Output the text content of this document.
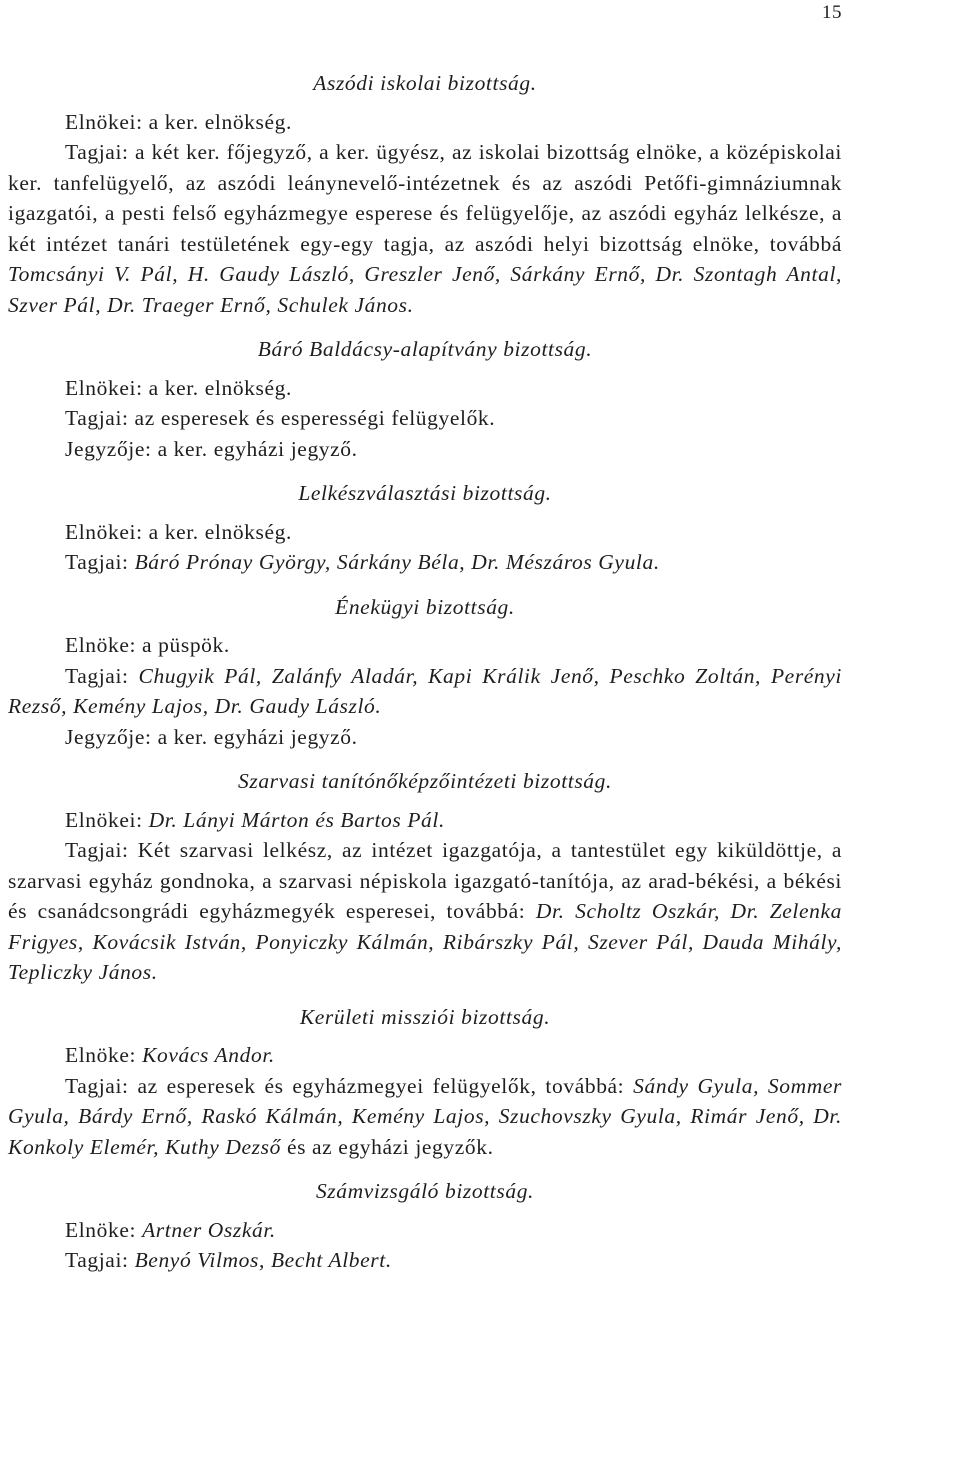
15

Aszódi iskolai bizottság.

Elnökei: a ker. elnökség.

Tagjai: a két ker. főjegyző, a ker. ügyész, az iskolai bizottság elnöke, a középiskolai ker. tanfelügyelő, az aszódi leánynevelő-intézetnek és az aszódi Petőfi-gimnáziumnak igazgatói, a pesti felső egyházmegye esperese és felügyelője, az aszódi egyház lelkésze, a két intézet tanári testületének egy-egy tagja, az aszódi helyi bizottság elnöke, továbbá Tomcsányi V. Pál, H. Gaudy László, Greszler Jenő, Sárkány Ernő, Dr. Szontagh Antal, Szver Pál, Dr. Traeger Ernő, Schulek János.

Báró Baldácsy-alapítvány bizottság.

Elnökei: a ker. elnökség.

Tagjai: az esperesek és esperességi felügyelők.

Jegyzője: a ker. egyházi jegyző.

Lelkészválasztási bizottság.

Elnökei: a ker. elnökség.

Tagjai: Báró Prónay György, Sárkány Béla, Dr. Mészáros Gyula.

Énekügyi bizottság.

Elnöke: a püspök.

Tagjai: Chugyik Pál, Zalánfy Aladár, Kapi Králik Jenő, Peschko Zoltán, Perényi Rezső, Kemény Lajos, Dr. Gaudy László.

Jegyzője: a ker. egyházi jegyző.

Szarvasi tanítónőképzőintézeti bizottság.

Elnökei: Dr. Lányi Márton és Bartos Pál.

Tagjai: Két szarvasi lelkész, az intézet igazgatója, a tantestület egy kiküldöttje, a szarvasi egyház gondnoka, a szarvasi népiskola igazgató-tanítója, az arad-békési, a békési és csanádcsongrádi egyházmegyék esperesei, továbbá: Dr. Scholtz Oszkár, Dr. Zelenka Frigyes, Kovácsik István, Ponyiczky Kálmán, Ribárszky Pál, Szever Pál, Dauda Mihály, Tepliczky János.

Kerületi missziói bizottság.

Elnöke: Kovács Andor.

Tagjai: az esperesek és egyházmegyei felügyelők, továbbá: Sándy Gyula, Sommer Gyula, Bárdy Ernő, Raskó Kálmán, Kemény Lajos, Szuchovszky Gyula, Rimár Jenő, Dr. Konkoly Elemér, Kuthy Dezső és az egyházi jegyzők.

Számvizsgáló bizottság.

Elnöke: Artner Oszkár.

Tagjai: Benyó Vilmos, Becht Albert.
